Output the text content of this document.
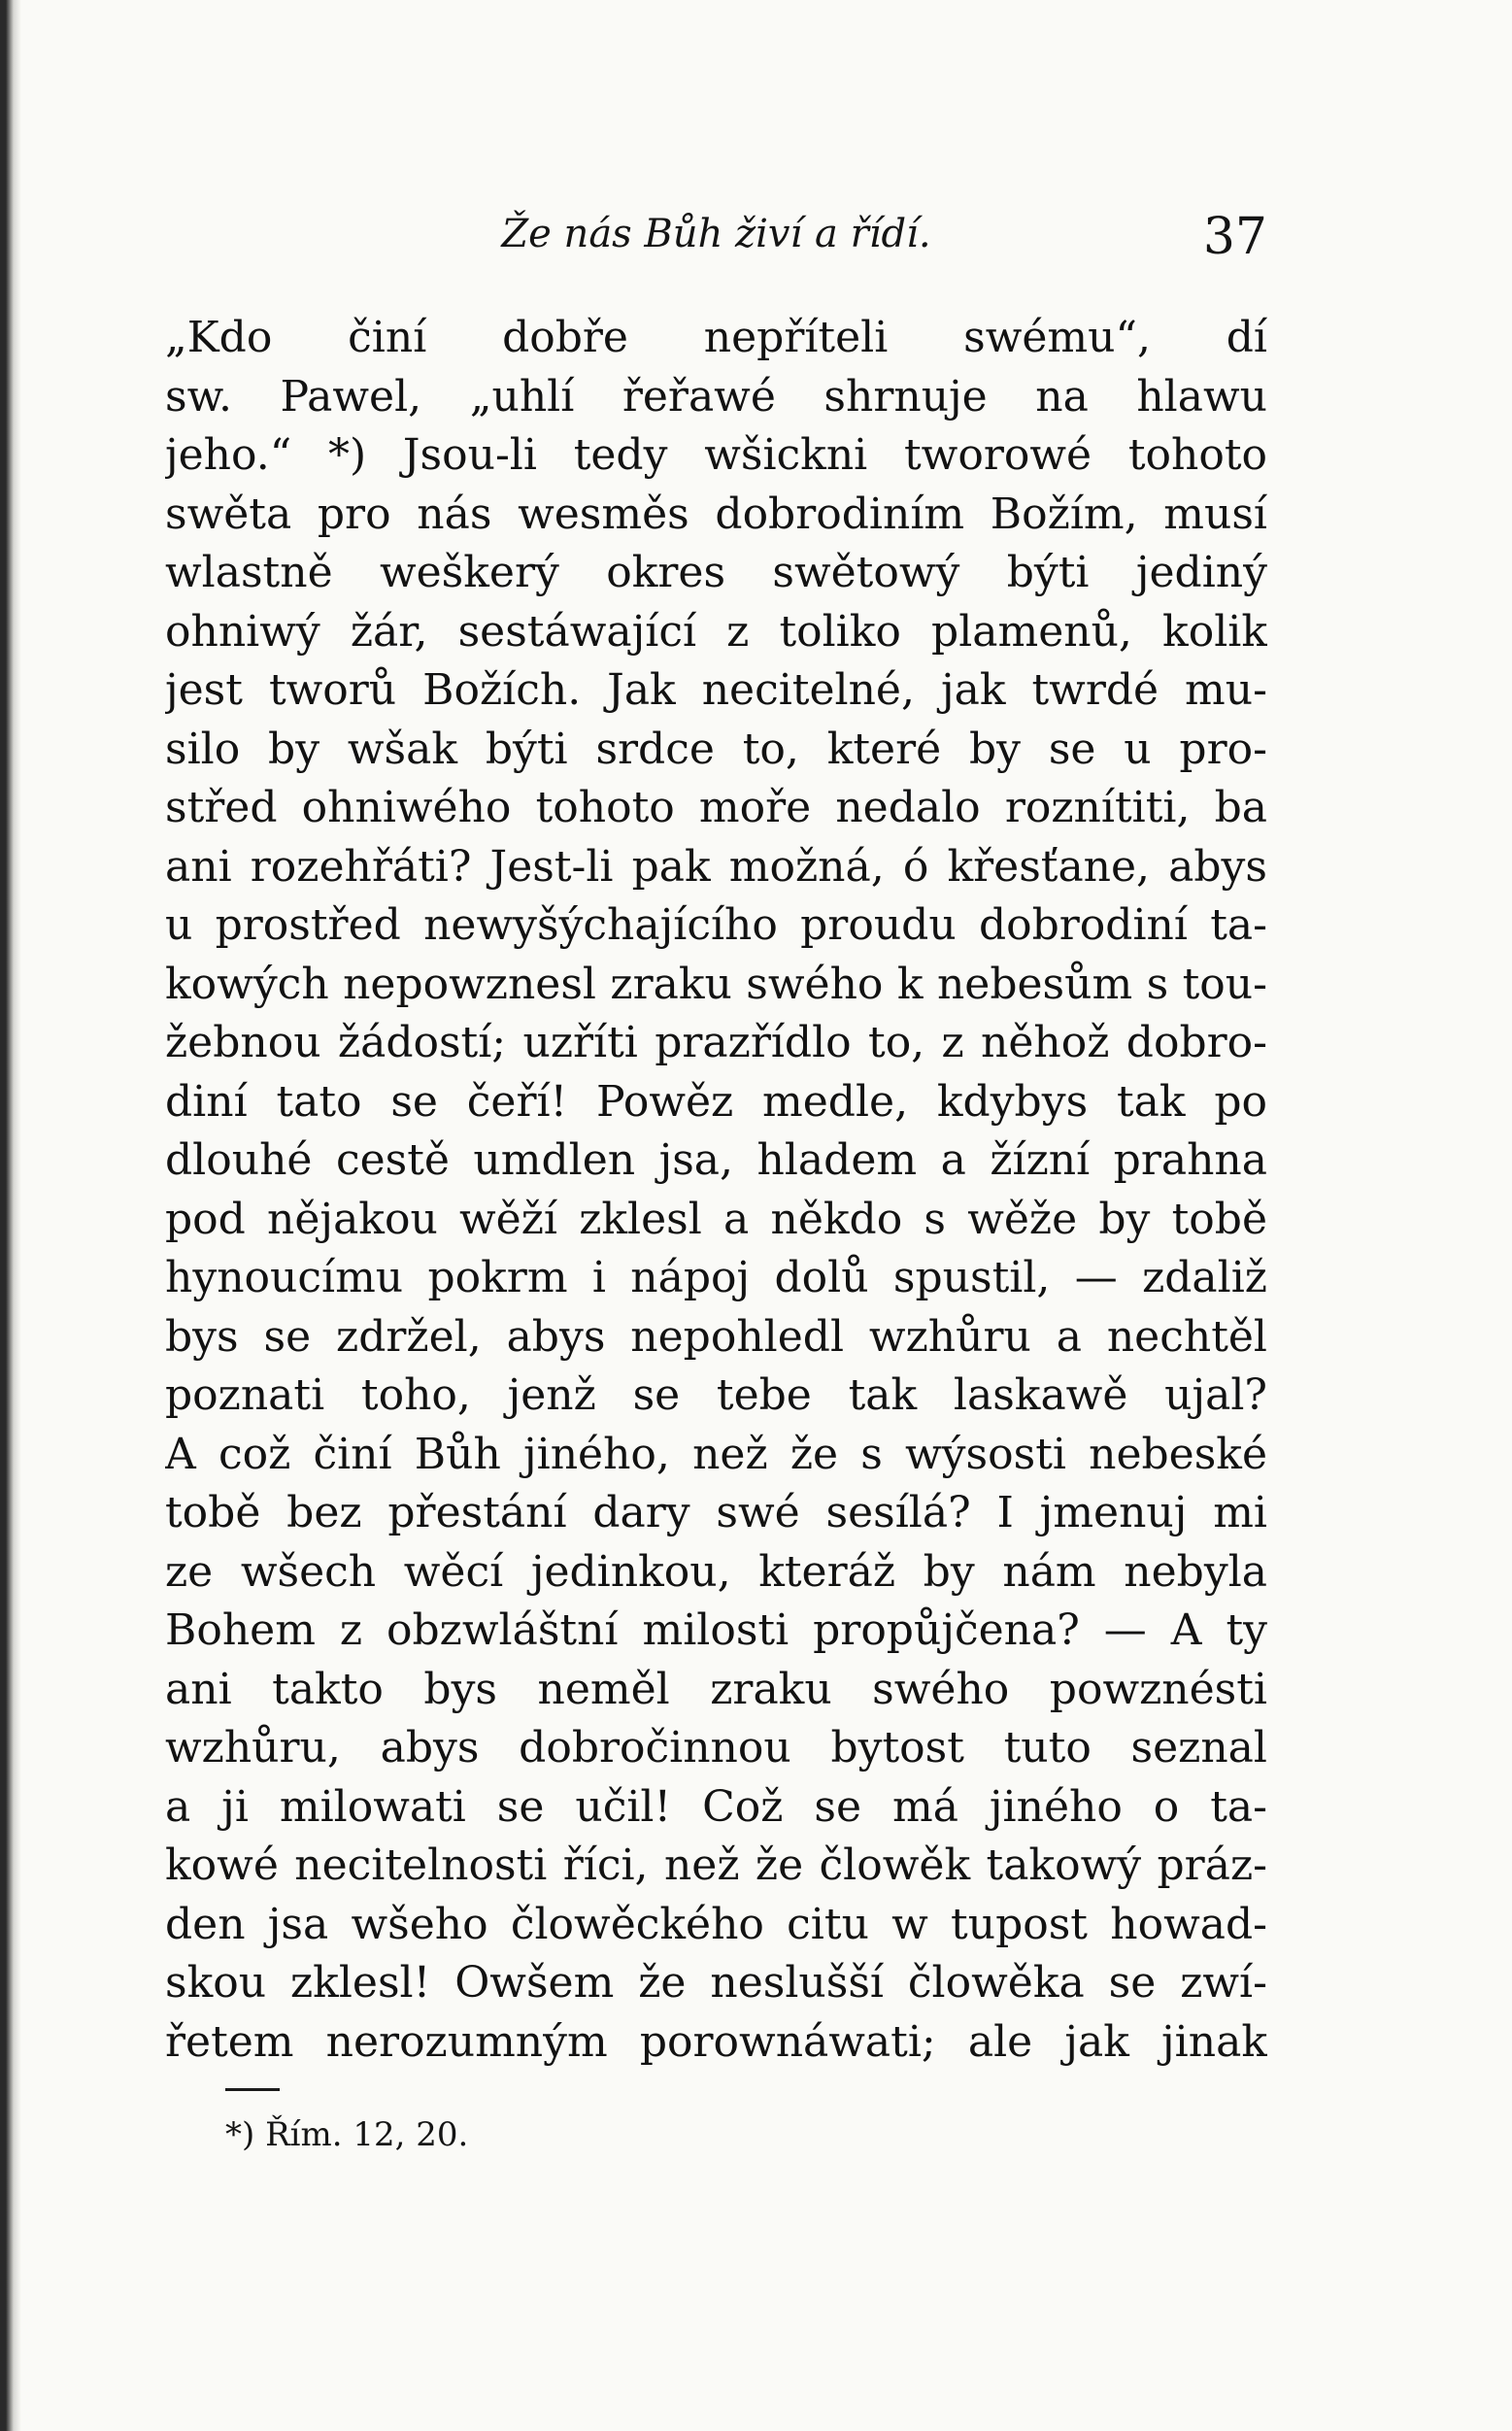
Že nás Bůh živí a řídí.	37
„Kdo činí dobře nepříteli swému“, dí
sw. Pawel, „uhlí řeřawé shrnuje na hlawu
jeho.“ *) Jsou-li tedy wšickni tworowé tohoto
swěta pro nás wesměs dobrodiním Božím, musí
wlastně weškerý okres swětowý býti jediný
ohniwý žár, sestáwající z toliko plamenů, kolik
jest tworů Božích. Jak necitelné, jak twrdé mu-
silo by wšak býti srdce to, které by se u pro-
střed ohniwého tohoto moře nedalo roznítiti, ba
ani rozehřáti? Jest-li pak možná, ó křesťane, abys
u prostřed newyšýchajícího proudu dobrodiní ta-
kowých nepowznesl zraku swého k nebesům s tou-
žebnou žádostí; uzříti prazřídlo to, z něhož dobro-
diní tato se čeří! Powěz medle, kdybys tak po
dlouhé cestě umdlen jsa, hladem a žízní prahna
pod nějakou wěží zklesl a někdo s wěže by tobě
hynoucímu pokrm i nápoj dolů spustil, — zdaliž
bys se zdržel, abys nepohledl wzhůru a nechtěl
poznati toho, jenž se tebe tak laskawě ujal?
A což činí Bůh jiného, než že s wýsosti nebeské
tobě bez přestání dary swé sesílá? I jmenuj mi
ze wšech wěcí jedinkou, kteráž by nám nebyla
Bohem z obzwláštní milosti propůjčena? — A ty
ani takto bys neměl zraku swého powznésti
wzhůru, abys dobročinnou bytost tuto seznal
a ji milowati se učil! Což se má jiného o ta-
kowé necitelnosti říci, než že člowěk takowý práz-
den jsa wšeho člowěckého citu w tupost howad-
skou zklesl! Owšem že neslušší člowěka se zwí-
řetem nerozumným porownáwati; ale jak jinak
*) Řím. 12, 20.
